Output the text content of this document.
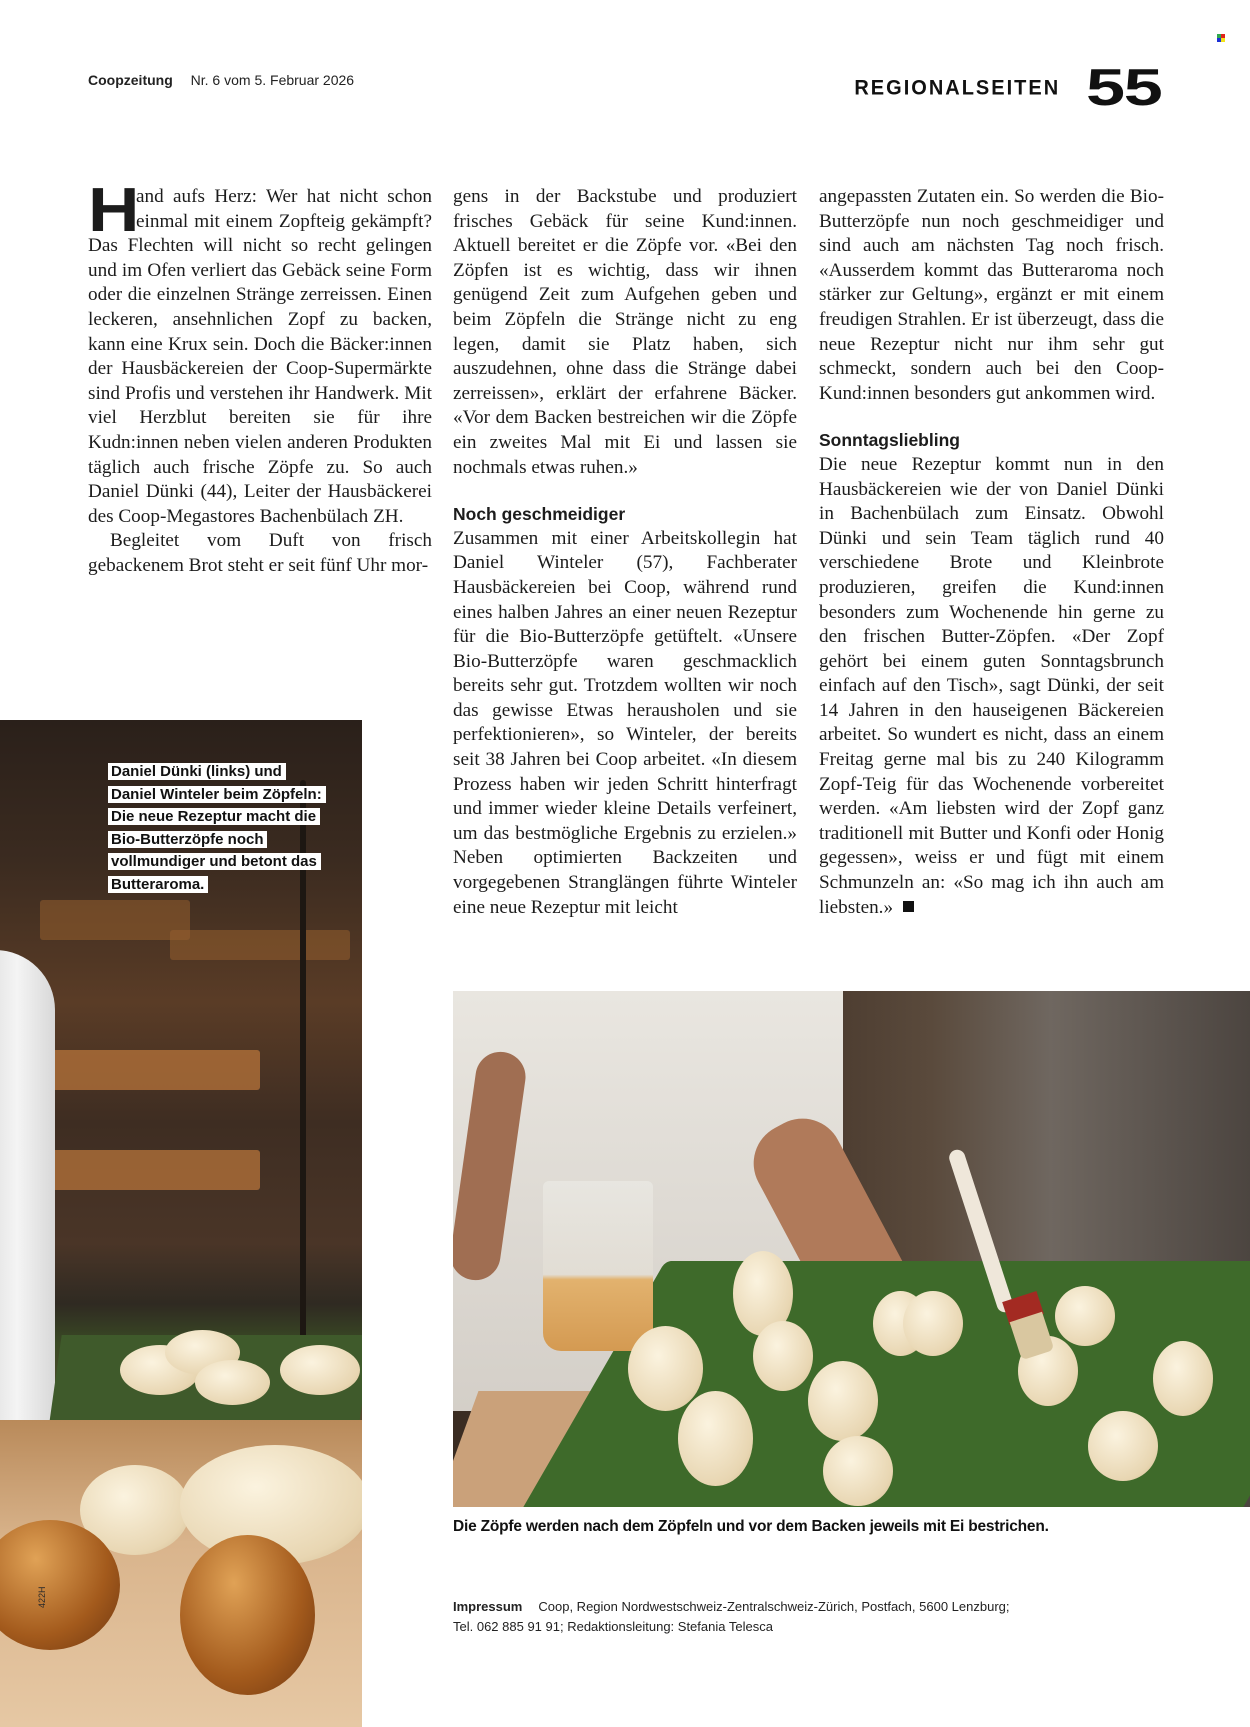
Coopzeitung Nr. 6 vom 5. Februar 2026	REGIONALSEITEN 55

H
and aufs Herz: Wer hat nicht schon einmal mit einem Zopfteig gekämpft? Das Flechten will nicht so recht gelingen und im Ofen verliert das Gebäck seine Form oder die einzelnen Stränge zerreissen. Einen leckeren, ansehnlichen Zopf zu backen, kann eine Krux sein. Doch die Bäcker:innen der Hausbäckereien der Coop-Supermärkte sind Profis und verstehen ihr Handwerk. Mit viel Herzblut bereiten sie für ihre Kudn:innen neben vielen anderen Produkten täglich auch frische Zöpfe zu. So auch Daniel Dünki (44), Leiter der Hausbäckerei des Coop-Megastores Bachenbülach ZH.

Begleitet vom Duft von frisch gebackenem Brot steht er seit fünf Uhr mor-

gens in der Backstube und produziert frisches Gebäck für seine Kund:innen. Aktuell bereitet er die Zöpfe vor. «Bei den Zöpfen ist es wichtig, dass wir ihnen genügend Zeit zum Aufgehen geben und beim Zöpfeln die Stränge nicht zu eng legen, damit sie Platz haben, sich auszudehnen, ohne dass die Stränge dabei zerreissen», erklärt der erfahrene Bäcker. «Vor dem Backen bestreichen wir die Zöpfe ein zweites Mal mit Ei und lassen sie nochmals etwas ruhen.»

Noch geschmeidiger

Zusammen mit einer Arbeitskollegin hat Daniel Winteler (57), Fachberater Hausbäckereien bei Coop, während rund eines halben Jahres an einer neuen Rezeptur für die Bio-Butterzöpfe getüftelt. «Unsere Bio-Butterzöpfe waren geschmacklich bereits sehr gut. Trotzdem wollten wir noch das gewisse Etwas herausholen und sie perfektionieren», so Winteler, der bereits seit 38 Jahren bei Coop arbeitet. «In diesem Prozess haben wir jeden Schritt hinterfragt und immer wieder kleine Details verfeinert, um das bestmögliche Ergebnis zu erzielen.» Neben optimierten Backzeiten und vorgegebenen Stranglängen führte Winteler eine neue Rezeptur mit leicht

angepassten Zutaten ein. So werden die Bio-Butterzöpfe nun noch geschmeidiger und sind auch am nächsten Tag noch frisch. «Ausserdem kommt das Butteraroma noch stärker zur Geltung», ergänzt er mit einem freudigen Strahlen. Er ist überzeugt, dass die neue Rezeptur nicht nur ihm sehr gut schmeckt, sondern auch bei den Coop-Kund:innen besonders gut ankommen wird.

Sonntagsliebling

Die neue Rezeptur kommt nun in den Hausbäckereien wie der von Daniel Dünki in Bachenbülach zum Einsatz. Obwohl Dünki und sein Team täglich rund 40 verschiedene Brote und Kleinbrote produzieren, greifen die Kund:innen besonders zum Wochenende hin gerne zu den frischen Butter-Zöpfen. «Der Zopf gehört bei einem guten Sonntagsbrunch einfach auf den Tisch», sagt Dünki, der seit 14 Jahren in den hauseigenen Bäckereien arbeitet. So wundert es nicht, dass an einem Freitag gerne mal bis zu 240 Kilogramm Zopf-Teig für das Wochenende vorbereitet werden. «Am liebsten wird der Zopf ganz traditionell mit Butter und Konfi oder Honig gegessen», weiss er und fügt mit einem Schmunzeln an: «So mag ich ihn auch am liebsten.»

Daniel Dünki (links) und Daniel Winteler beim Zöpfeln: Die neue Rezeptur macht die Bio-Butterzöpfe noch vollmundiger und betont das Butteraroma.
422H
Die Zöpfe werden nach dem Zöpfeln und vor dem Backen jeweils mit Ei bestrichen.
Impressum Coop, Region Nordwestschweiz-Zentralschweiz-Zürich, Postfach, 5600 Lenzburg;
Tel. 062 885 91 91; Redaktionsleitung: Stefania Telesca
